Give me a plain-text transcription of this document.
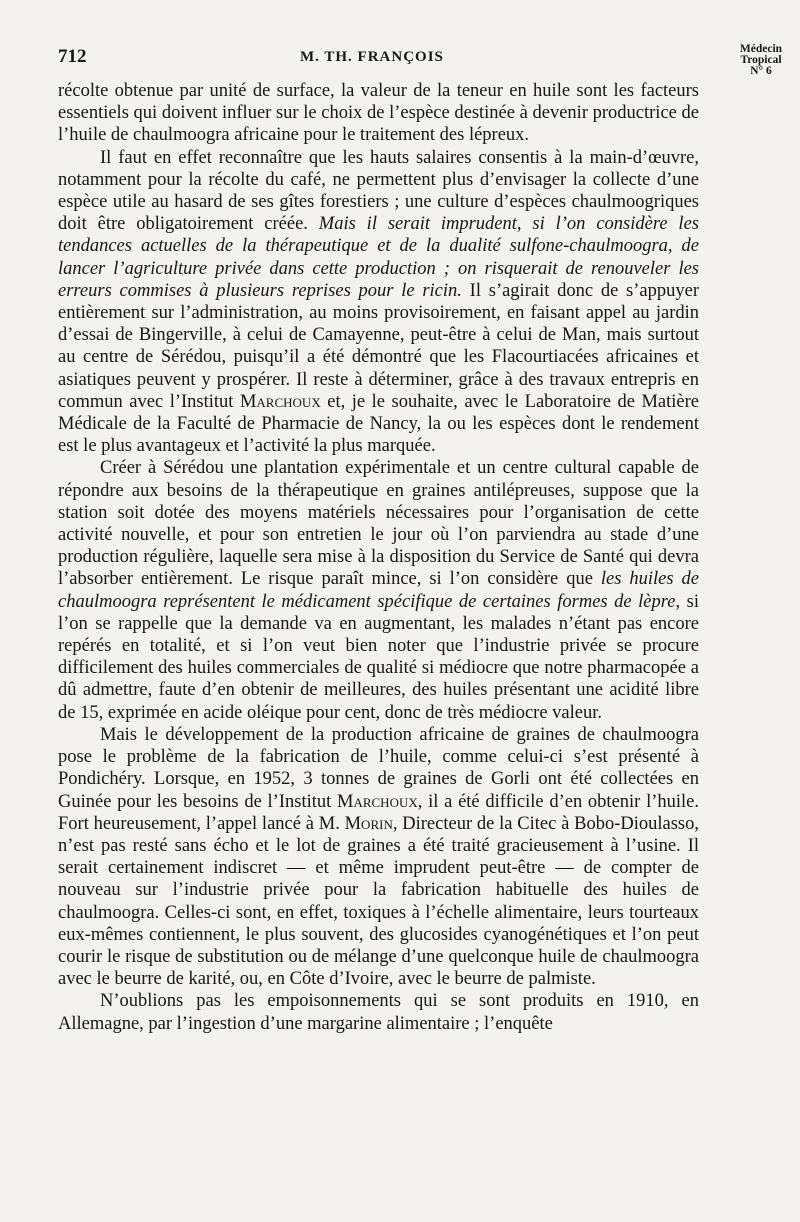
712	M. TH. FRANÇOIS	Médecin
Tropical
N° 6

récolte obtenue par unité de surface, la valeur de la teneur en huile sont les facteurs essentiels qui doivent influer sur le choix de l’espèce destinée à devenir productrice de l’huile de chaulmoogra africaine pour le traitement des lépreux.

Il faut en effet reconnaître que les hauts salaires consentis à la main-d’œuvre, notamment pour la récolte du café, ne permettent plus d’envisager la collecte d’une espèce utile au hasard de ses gîtes forestiers ; une culture d’espèces chaulmoogriques doit être obligatoirement créée. Mais il serait imprudent, si l’on considère les tendances actuelles de la thérapeutique et de la dualité sulfone-chaulmoogra, de lancer l’agriculture privée dans cette production ; on risquerait de renouveler les erreurs commises à plusieurs reprises pour le ricin. Il s’agirait donc de s’appuyer entièrement sur l’administration, au moins provisoirement, en faisant appel au jardin d’essai de Bingerville, à celui de Camayenne, peut-être à celui de Man, mais surtout au centre de Sérédou, puisqu’il a été démontré que les Flacourtiacées africaines et asiatiques peuvent y prospérer. Il reste à déterminer, grâce à des travaux entrepris en commun avec l’Institut Marchoux et, je le souhaite, avec le Laboratoire de Matière Médicale de la Faculté de Pharmacie de Nancy, la ou les espèces dont le rendement est le plus avantageux et l’activité la plus marquée.

Créer à Sérédou une plantation expérimentale et un centre cultural capable de répondre aux besoins de la thérapeutique en graines antilépreuses, suppose que la station soit dotée des moyens matériels nécessaires pour l’organisation de cette activité nouvelle, et pour son entretien le jour où l’on parviendra au stade d’une production régulière, laquelle sera mise à la disposition du Service de Santé qui devra l’absorber entièrement. Le risque paraît mince, si l’on considère que les huiles de chaulmoogra représentent le médicament spécifique de certaines formes de lèpre, si l’on se rappelle que la demande va en augmentant, les malades n’étant pas encore repérés en totalité, et si l’on veut bien noter que l’industrie privée se procure difficilement des huiles commerciales de qualité si médiocre que notre pharmacopée a dû admettre, faute d’en obtenir de meilleures, des huiles présentant une acidité libre de 15, exprimée en acide oléique pour cent, donc de très médiocre valeur.

Mais le développement de la production africaine de graines de chaulmoogra pose le problème de la fabrication de l’huile, comme celui-ci s’est présenté à Pondichéry. Lorsque, en 1952, 3 tonnes de graines de Gorli ont été collectées en Guinée pour les besoins de l’Institut Marchoux, il a été difficile d’en obtenir l’huile. Fort heureusement, l’appel lancé à M. Morin, Directeur de la Citec à Bobo-Dioulasso, n’est pas resté sans écho et le lot de graines a été traité gracieusement à l’usine. Il serait certainement indiscret — et même imprudent peut-être — de compter de nouveau sur l’industrie privée pour la fabrication habituelle des huiles de chaulmoogra. Celles-ci sont, en effet, toxiques à l’échelle alimentaire, leurs tourteaux eux-mêmes contiennent, le plus souvent, des glucosides cyanogénétiques et l’on peut courir le risque de substitution ou de mélange d’une quelconque huile de chaulmoogra avec le beurre de karité, ou, en Côte d’Ivoire, avec le beurre de palmiste.

N’oublions pas les empoisonnements qui se sont produits en 1910, en Allemagne, par l’ingestion d’une margarine alimentaire ; l’enquête
